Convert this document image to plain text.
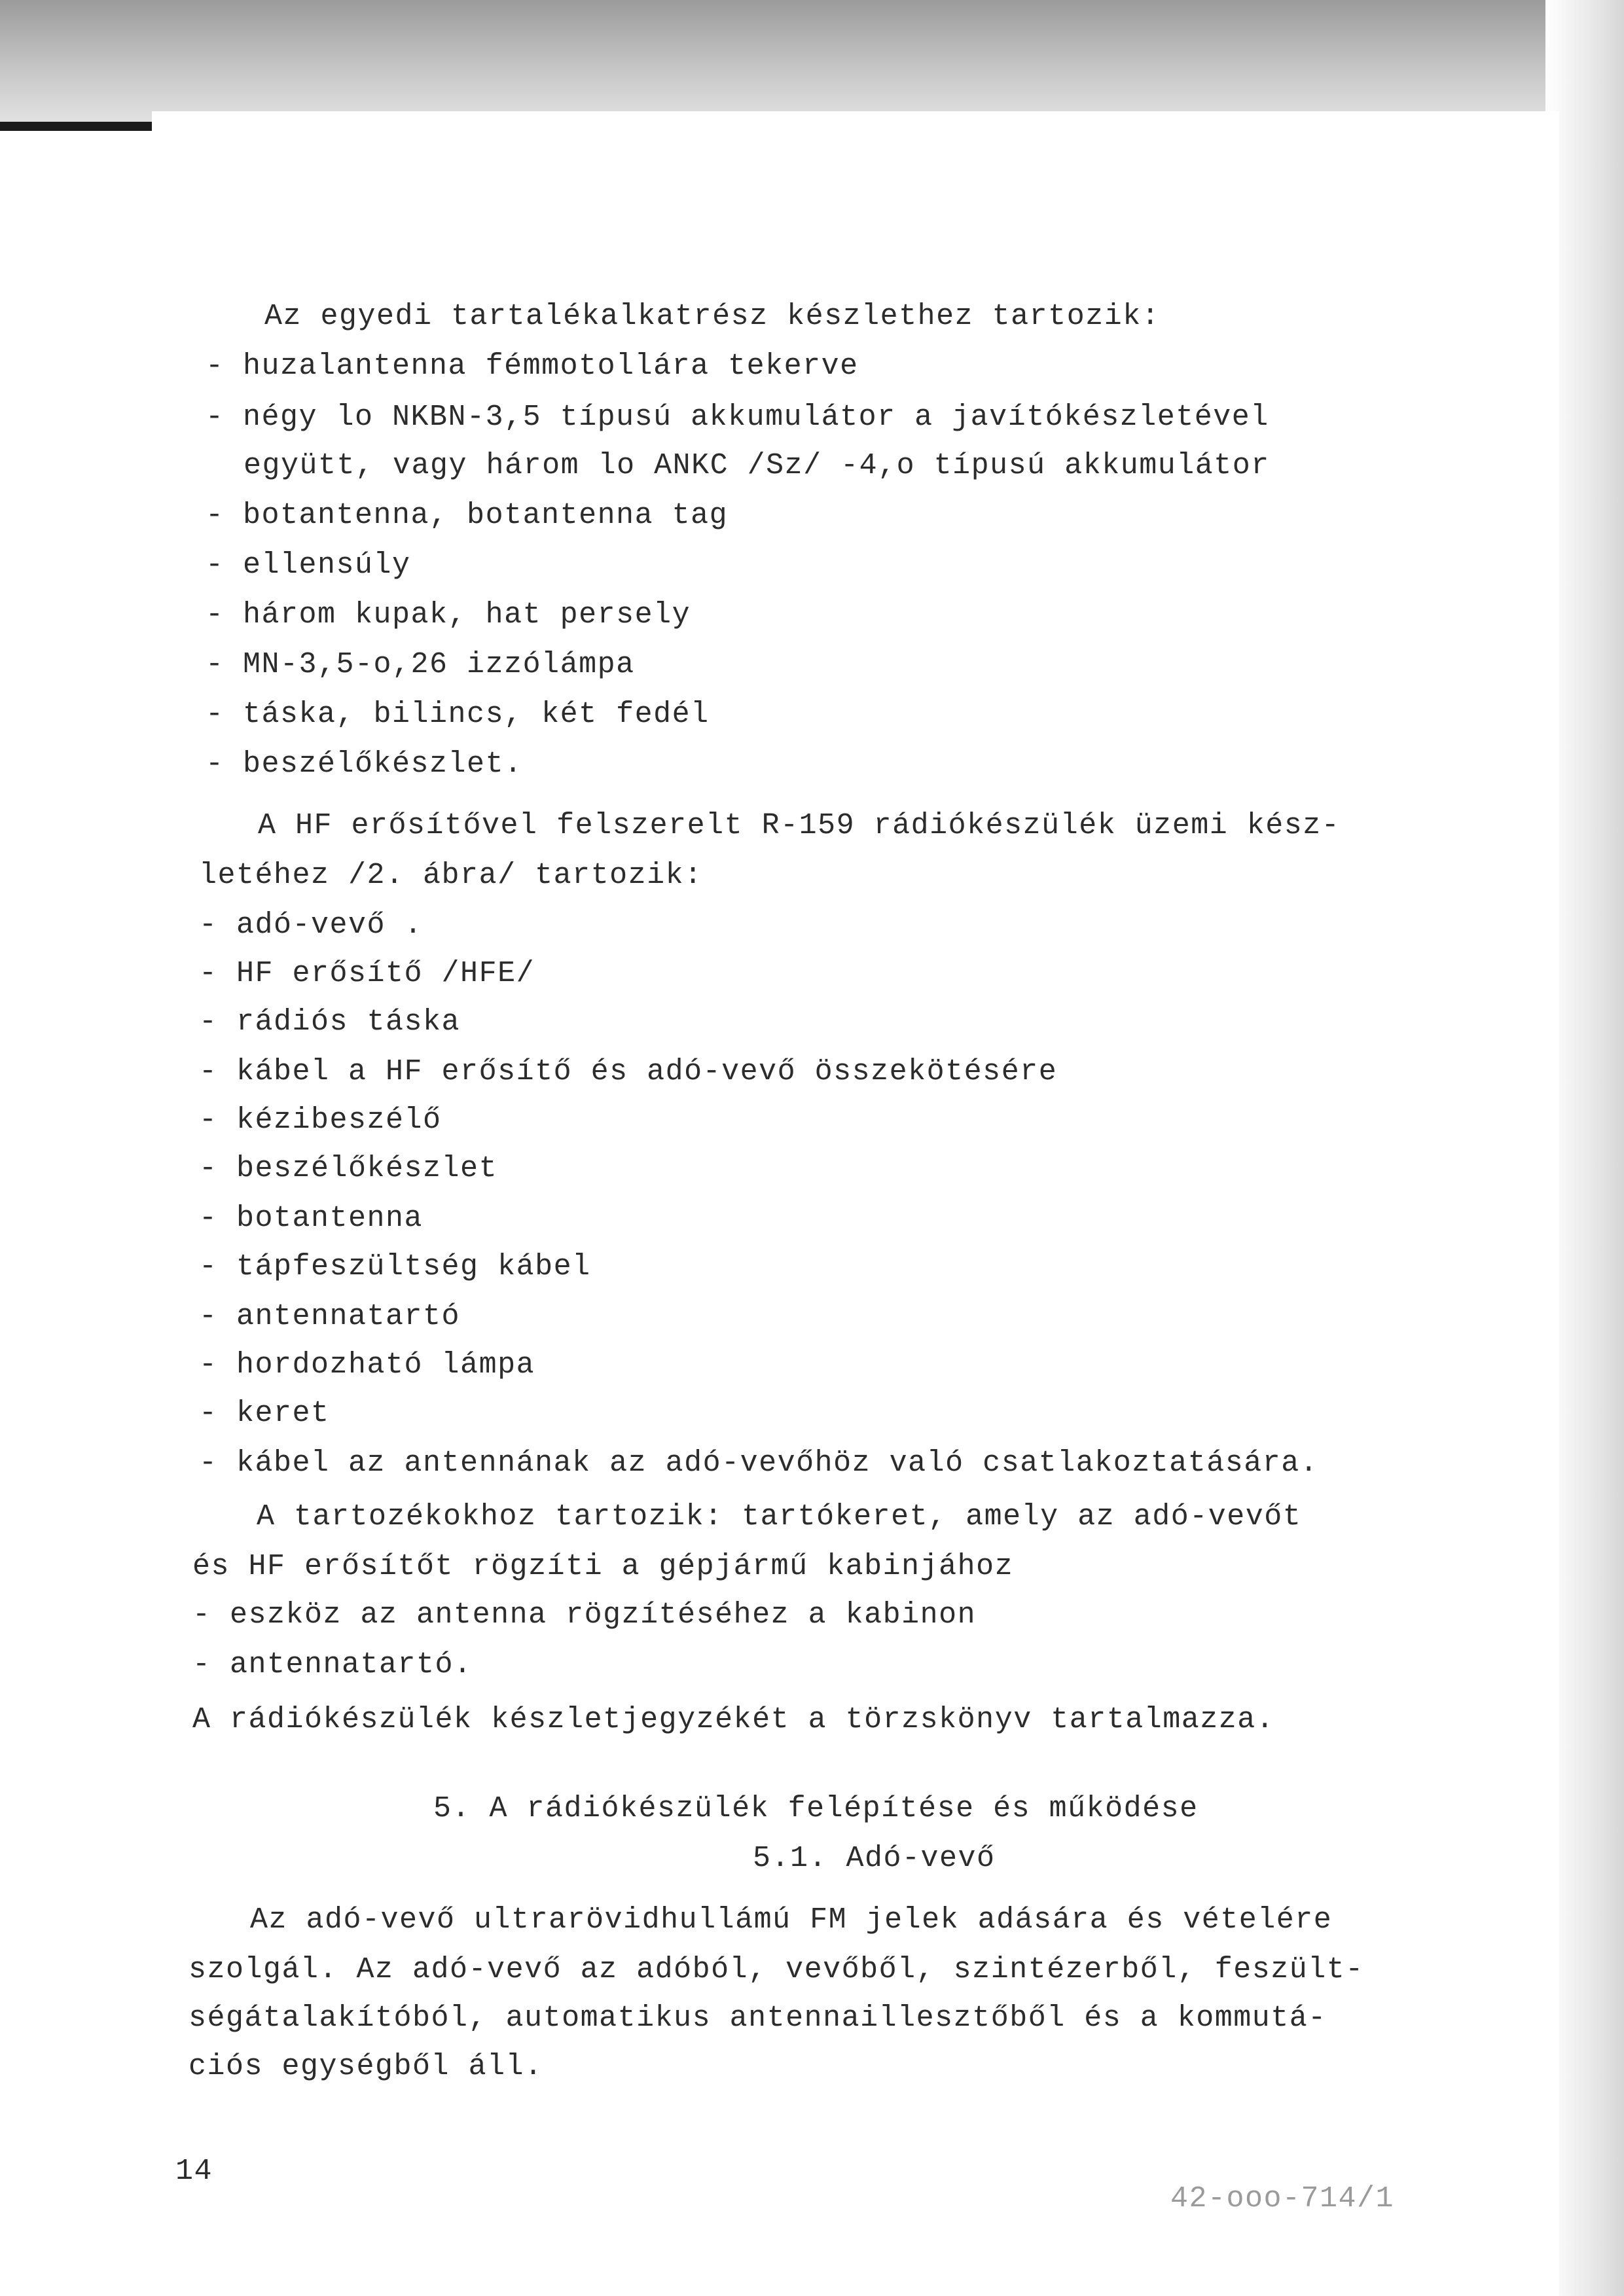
Az egyedi tartalékalkatrész készlethez tartozik:
- huzalantenna fémmotollára tekerve
- négy lo NKBN-3,5 típusú akkumulátor a javítókészletével
együtt, vagy három lo ANKC /Sz/ -4,o típusú akkumulátor
- botantenna, botantenna tag
- ellensúly
- három kupak, hat persely
- MN-3,5-o,26 izzólámpa
- táska, bilincs, két fedél
- beszélőkészlet.
A HF erősítővel felszerelt R-159 rádiókészülék üzemi kész-
letéhez /2. ábra/ tartozik:
- adó-vevő .
- HF erősítő /HFE/
- rádiós táska
- kábel a HF erősítő és adó-vevő összekötésére
- kézibeszélő
- beszélőkészlet
- botantenna
- tápfeszültség kábel
- antennatartó
- hordozható lámpa
- keret
- kábel az antennának az adó-vevőhöz való csatlakoztatására.
A tartozékokhoz tartozik: tartókeret, amely az adó-vevőt
és HF erősítőt rögzíti a gépjármű kabinjához
- eszköz az antenna rögzítéséhez a kabinon
- antennatartó.
A rádiókészülék készletjegyzékét a törzskönyv tartalmazza.
5. A rádiókészülék felépítése és működése
5.1. Adó-vevő
Az adó-vevő ultrarövidhullámú FM jelek adására és vételére
szolgál. Az adó-vevő az adóból, vevőből, szintézerből, feszült-
ségátalakítóból, automatikus antennaillesztőből és a kommutá-
ciós egységből áll.
14
42-ooo-714/1
